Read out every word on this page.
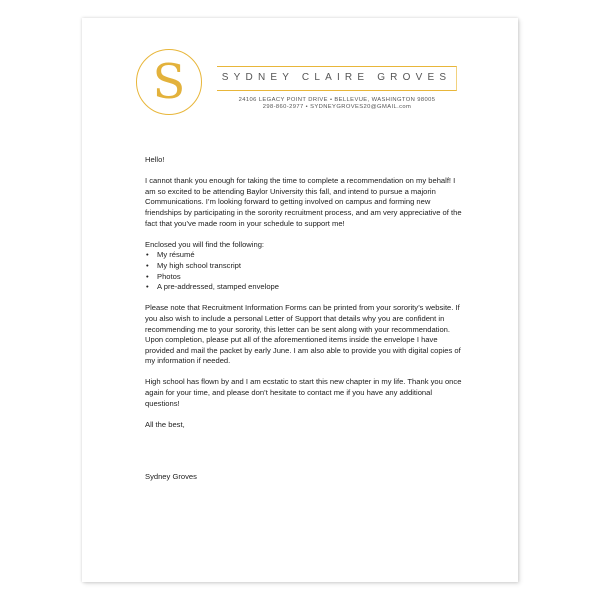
S	SYDNEY CLAIRE GROVES
24106 LEGACY POINT DRIVE • BELLEVUE, WASHINGTON 98005
298-860-2977 • SYDNEYGROVES20@GMAIL.com

Hello!

I cannot thank you enough for taking the time to complete a recommendation on my behalf! I am so excited to be attending Baylor University this fall, and intend to pursue a majorin Communications. I’m looking forward to getting involved on campus and forming new friendships by participating in the sorority recruitment process, and am very appreciative of the fact that you’ve made room in your schedule to support me!

Enclosed you will find the following:
• My résumé
• My high school transcript
• Photos
• A pre-addressed, stamped envelope

Please note that Recruitment Information Forms can be printed from your sorority’s website. If you also wish to include a personal Letter of Support that details why you are confident in recommending me to your sorority, this letter can be sent along with your recommendation. Upon completion, please put all of the aforementioned items inside the envelope I have provided and mail the packet by early June. I am also able to provide you with digital copies of my information if needed.

High school has flown by and I am ecstatic to start this new chapter in my life. Thank you once again for your time, and please don’t hesitate to contact me if you have any additional questions!

All the best,

Sydney Groves
